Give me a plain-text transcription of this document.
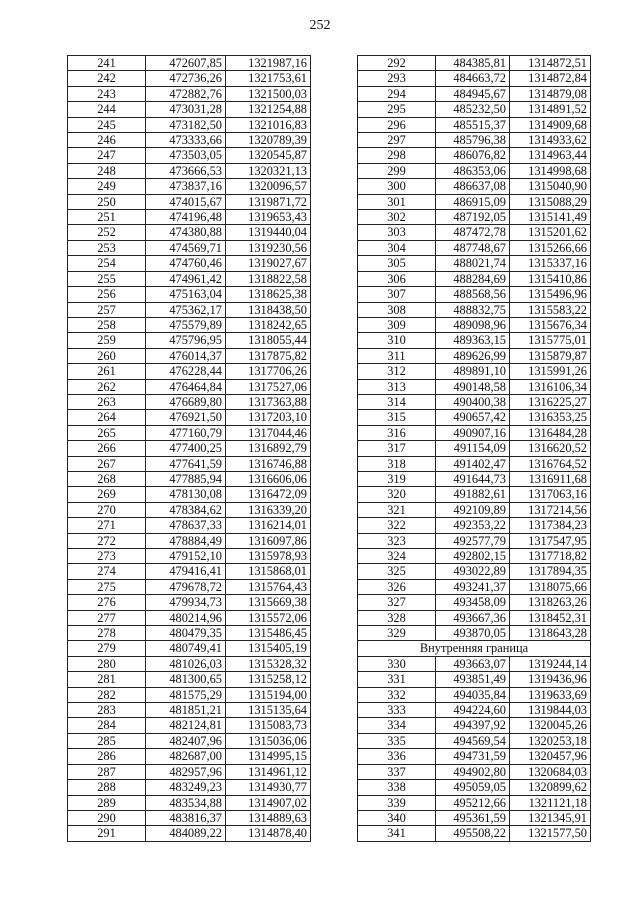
252
241	472607,85	1321987,16
242	472736,26	1321753,61
243	472882,76	1321500,03
244	473031,28	1321254,88
245	473182,50	1321016,83
246	473333,66	1320789,39
247	473503,05	1320545,87
248	473666,53	1320321,13
249	473837,16	1320096,57
250	474015,67	1319871,72
251	474196,48	1319653,43
252	474380,88	1319440,04
253	474569,71	1319230,56
254	474760,46	1319027,67
255	474961,42	1318822,58
256	475163,04	1318625,38
257	475362,17	1318438,50
258	475579,89	1318242,65
259	475796,95	1318055,44
260	476014,37	1317875,82
261	476228,44	1317706,26
262	476464,84	1317527,06
263	476689,80	1317363,88
264	476921,50	1317203,10
265	477160,79	1317044,46
266	477400,25	1316892,79
267	477641,59	1316746,88
268	477885,94	1316606,06
269	478130,08	1316472,09
270	478384,62	1316339,20
271	478637,33	1316214,01
272	478884,49	1316097,86
273	479152,10	1315978,93
274	479416,41	1315868,01
275	479678,72	1315764,43
276	479934,73	1315669,38
277	480214,96	1315572,06
278	480479,35	1315486,45
279	480749,41	1315405,19
280	481026,03	1315328,32
281	481300,65	1315258,12
282	481575,29	1315194,00
283	481851,21	1315135,64
284	482124,81	1315083,73
285	482407,96	1315036,06
286	482687,00	1314995,15
287	482957,96	1314961,12
288	483249,23	1314930,77
289	483534,88	1314907,02
290	483816,37	1314889,63
291	484089,22	1314878,40
292	484385,81	1314872,51
293	484663,72	1314872,84
294	484945,67	1314879,08
295	485232,50	1314891,52
296	485515,37	1314909,68
297	485796,38	1314933,62
298	486076,82	1314963,44
299	486353,06	1314998,68
300	486637,08	1315040,90
301	486915,09	1315088,29
302	487192,05	1315141,49
303	487472,78	1315201,62
304	487748,67	1315266,66
305	488021,74	1315337,16
306	488284,69	1315410,86
307	488568,56	1315496,96
308	488832,75	1315583,22
309	489098,96	1315676,34
310	489363,15	1315775,01
311	489626,99	1315879,87
312	489891,10	1315991,26
313	490148,58	1316106,34
314	490400,38	1316225,27
315	490657,42	1316353,25
316	490907,16	1316484,28
317	491154,09	1316620,52
318	491402,47	1316764,52
319	491644,73	1316911,68
320	491882,61	1317063,16
321	492109,89	1317214,56
322	492353,22	1317384,23
323	492577,79	1317547,95
324	492802,15	1317718,82
325	493022,89	1317894,35
326	493241,37	1318075,66
327	493458,09	1318263,26
328	493667,36	1318452,31
329	493870,05	1318643,28
Внутренняя граница		
330	493663,07	1319244,14
331	493851,49	1319436,96
332	494035,84	1319633,69
333	494224,60	1319844,03
334	494397,92	1320045,26
335	494569,54	1320253,18
336	494731,59	1320457,96
337	494902,80	1320684,03
338	495059,05	1320899,62
339	495212,66	1321121,18
340	495361,59	1321345,91
341	495508,22	1321577,50
